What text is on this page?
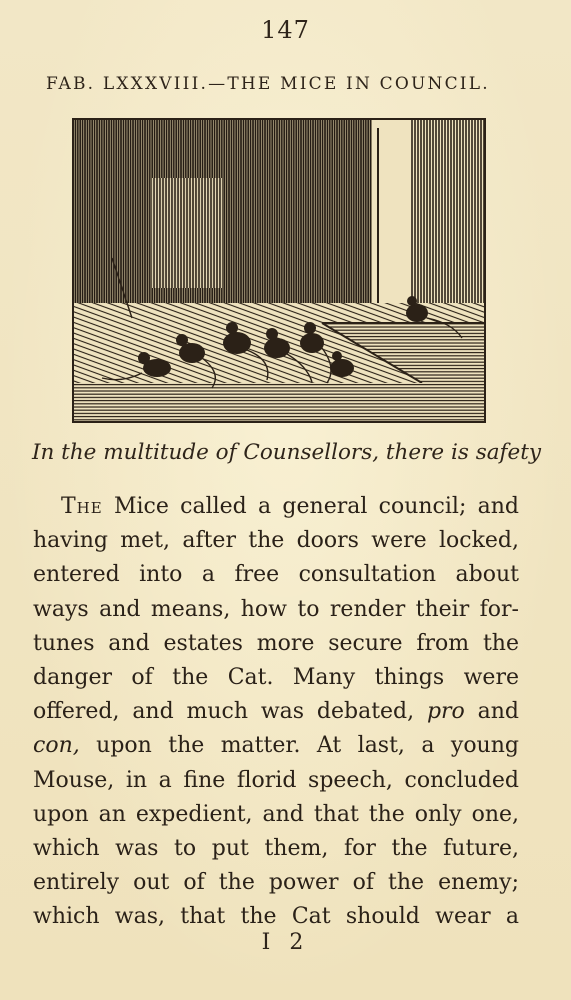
147
FAB. LXXXVIII.—THE MICE IN COUNCIL.
In the multitude of Counsellors, there is safety
The Mice called a general council; and
having met, after the doors were locked,
entered into a free consultation about
ways and means, how to render their for-
tunes and estates more secure from the
danger of the Cat. Many things were
offered, and much was debated, pro and
con, upon the matter. At last, a young
Mouse, in a fine florid speech, concluded
upon an expedient, and that the only one,
which was to put them, for the future,
entirely out of the power of the enemy;
which was, that the Cat should wear a
I 2
